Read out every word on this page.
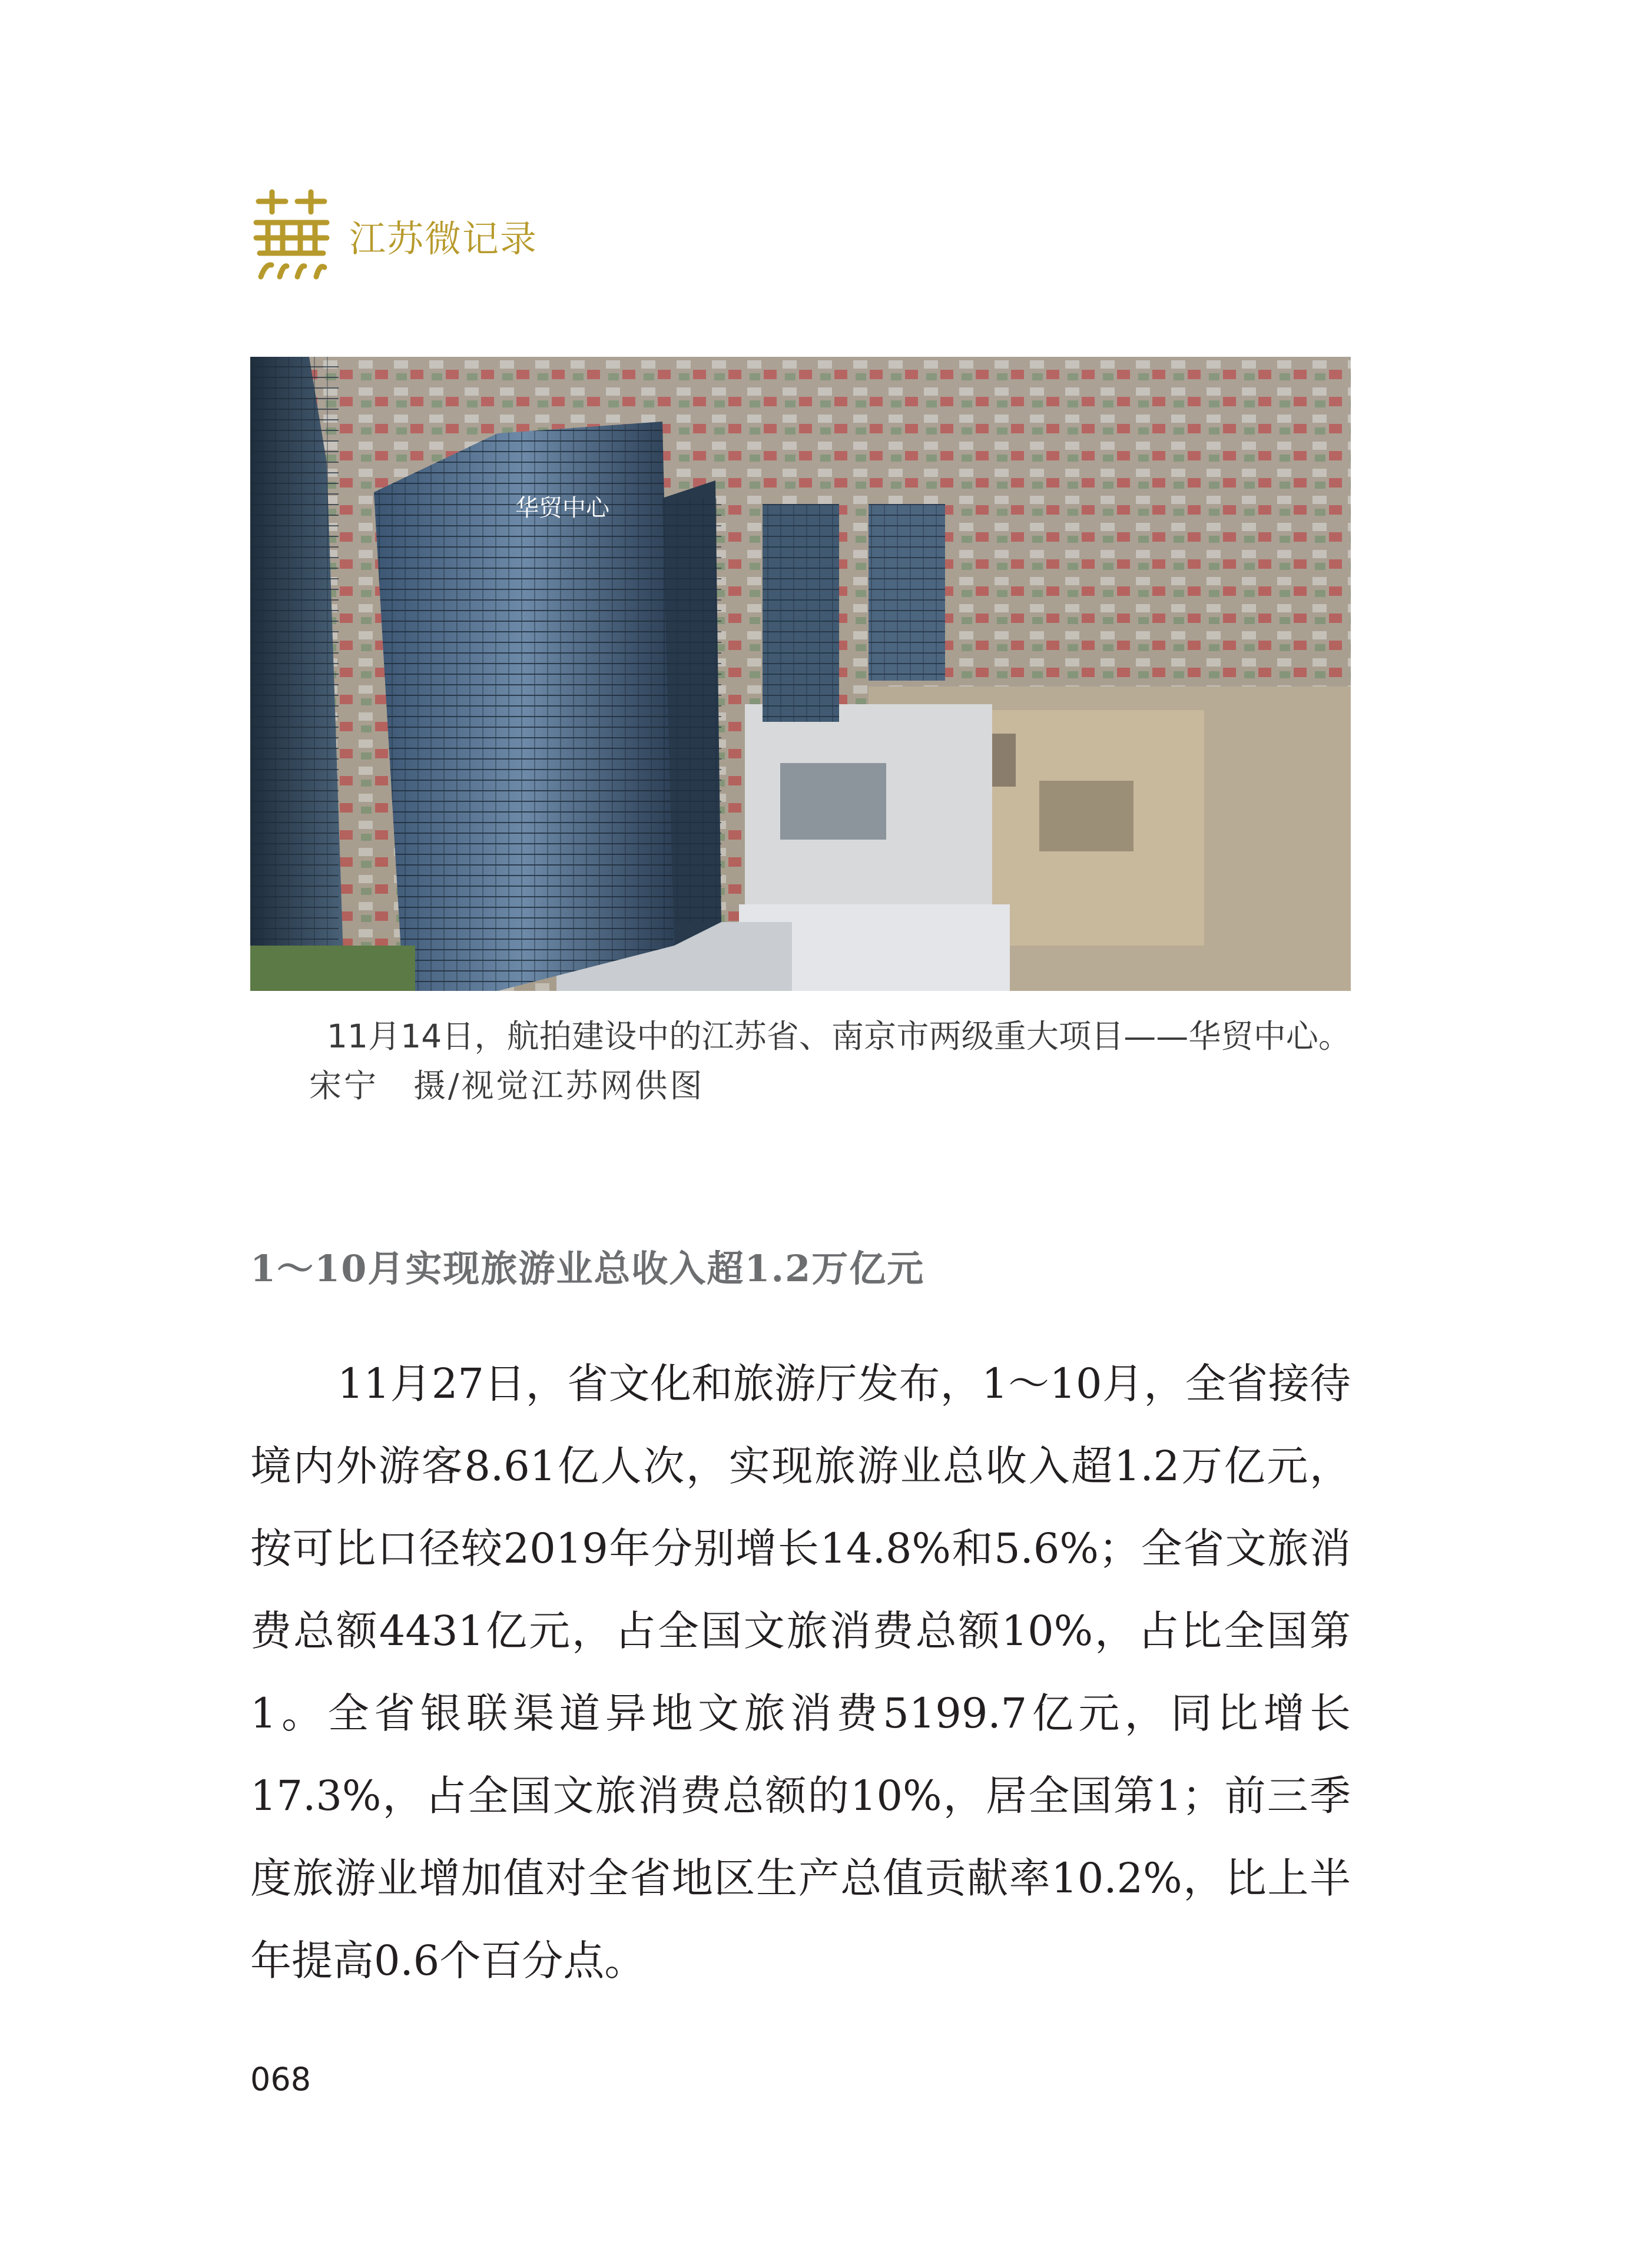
江苏微记录
华贸中心
11月14日，航拍建设中的江苏省、南京市两级重大项目——华贸中心。宋宁　摄/视觉江苏网供图
1～10月实现旅游业总收入超1.2万亿元
11月27日，省文化和旅游厅发布，1～10月，全省接待境内外游客8.61亿人次，实现旅游业总收入超1.2万亿元，按可比口径较2019年分别增长14.8%和5.6%；全省文旅消费总额4431亿元，占全国文旅消费总额10%，占比全国第1。全省银联渠道异地文旅消费5199.7亿元，同比增长17.3%，占全国文旅消费总额的10%，居全国第1；前三季度旅游业增加值对全省地区生产总值贡献率10.2%，比上半年提高0.6个百分点。
068
